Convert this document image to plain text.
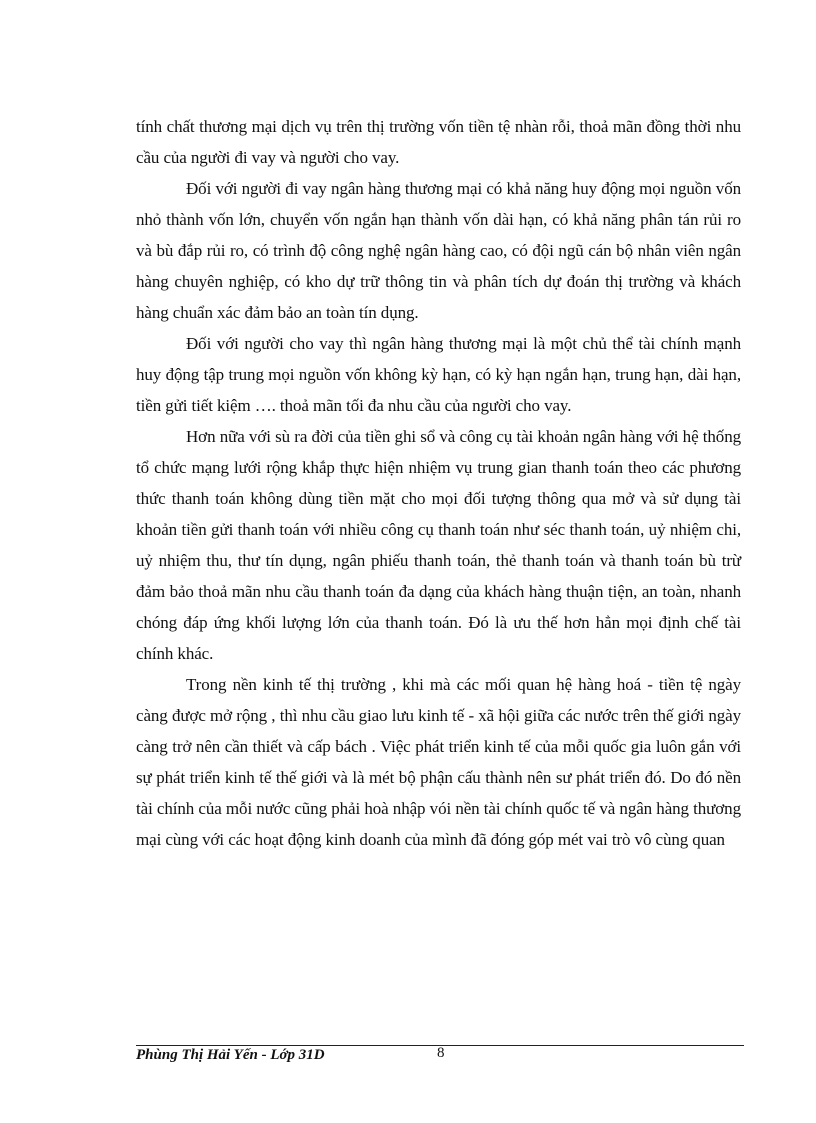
tính chất thương mại dịch vụ trên thị trường vốn tiền tệ nhàn rỗi, thoả mãn đồng thời nhu cầu của người đi vay và người cho vay.

Đối với người đi vay ngân hàng thương mại có khả năng huy động mọi nguồn vốn nhỏ thành vốn lớn, chuyển vốn ngắn hạn thành vốn dài hạn, có khả năng phân tán rủi ro và bù đắp rủi ro, có trình độ công nghệ ngân hàng cao, có đội ngũ cán bộ nhân viên ngân hàng chuyên nghiệp, có kho dự trữ thông tin và phân tích dự đoán thị trường và khách hàng chuẩn xác đảm bảo an toàn tín dụng.

Đối với người cho vay thì ngân hàng thương mại là một chủ thể tài chính mạnh huy động tập trung mọi nguồn vốn không kỳ hạn, có kỳ hạn ngắn hạn, trung hạn, dài hạn, tiền gửi tiết kiệm …. thoả mãn tối đa nhu cầu của người cho vay.

Hơn nữa với sù ra đời của tiền ghi sổ và công cụ tài khoản ngân hàng với hệ thống tổ chức mạng lưới rộng khắp thực hiện nhiệm vụ trung gian thanh toán theo các phương thức thanh toán không dùng tiền mặt cho mọi đối tượng thông qua mở và sử dụng tài khoản tiền gửi thanh toán với nhiều công cụ thanh toán như séc thanh toán, uỷ nhiệm chi, uỷ nhiệm thu, thư tín dụng, ngân phiếu thanh toán, thẻ thanh toán và thanh toán bù trừ đảm bảo thoả mãn nhu cầu thanh toán đa dạng của khách hàng thuận tiện, an toàn, nhanh chóng đáp ứng khối lượng lớn của thanh toán. Đó là ưu thế hơn hẳn mọi định chế tài chính khác.

Trong nền kinh tế thị trường , khi mà các mối quan hệ hàng hoá - tiền tệ ngày càng được mở rộng , thì nhu cầu giao lưu kinh tế - xã hội giữa các nước trên thế giới ngày càng trở nên cần thiết và cấp bách . Việc phát triển kinh tế của mỗi quốc gia luôn gắn với sự phát triển kinh tế thế giới và là mét bộ phận cấu thành nên sư phát triển đó. Do đó nền tài chính của mỗi nước cũng phải hoà nhập vói nền tài chính quốc tế và ngân hàng thương mại cùng với các hoạt động kinh doanh của mình đã đóng góp mét vai trò vô cùng quan

Phùng Thị Hải Yến - Lớp 31D	8
